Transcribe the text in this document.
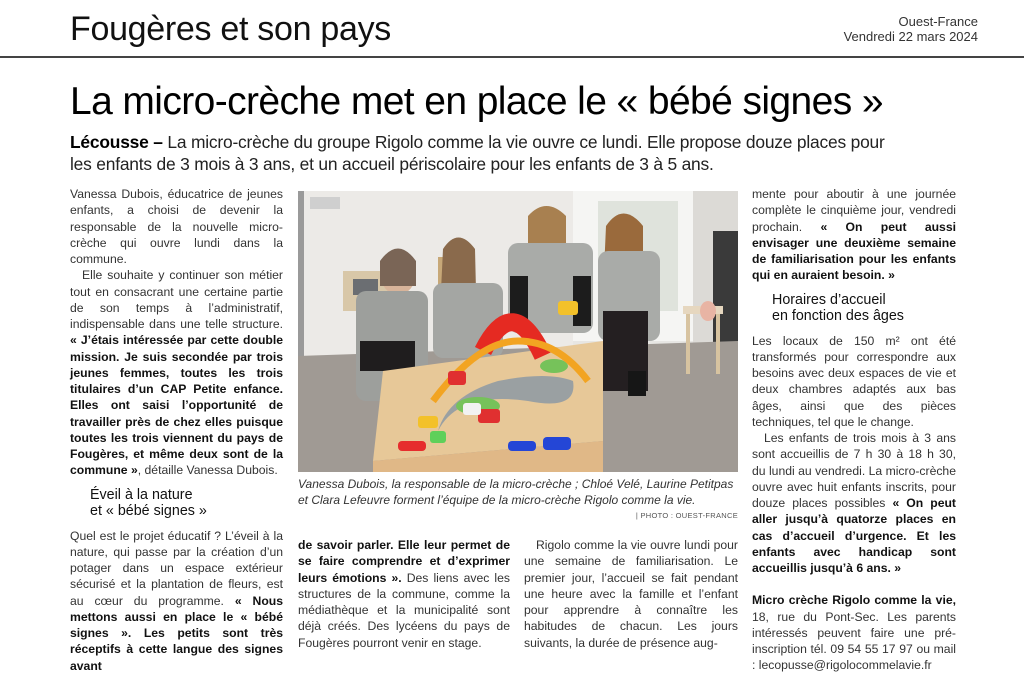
Fougères et son pays	Ouest-France
Vendredi 22 mars 2024
La micro-crèche met en place le « bébé signes »
Lécousse – La micro-crèche du groupe Rigolo comme la vie ouvre ce lundi. Elle propose douze places pour les enfants de 3 mois à 3 ans, et un accueil périscolaire pour les enfants de 3 à 5 ans.

Vanessa Dubois, éducatrice de jeunes enfants, a choisi de devenir la responsable de la nouvelle micro-crèche qui ouvre lundi dans la commune.

Elle souhaite y continuer son métier tout en consacrant une certaine partie de son temps à l’administratif, indispensable dans une telle structure. « J’étais intéressée par cette double mission. Je suis secondée par trois jeunes femmes, toutes les trois titulaires d’un CAP Petite enfance. Elles ont saisi l’opportunité de travailler près de chez elles puisque toutes les trois viennent du pays de Fougères, et même deux sont de la commune », détaille Vanessa Dubois.

Éveil à la nature
et « bébé signes »

Quel est le projet éducatif ? L’éveil à la nature, qui passe par la création d’un potager dans un espace extérieur sécurisé et la plantation de fleurs, est au cœur du programme. « Nous mettons aussi en place le « bébé signes ». Les petits sont très réceptifs à cette langue des signes avant

Vanessa Dubois, la responsable de la micro-crèche ; Chloé Velé, Laurine Petitpas et Clara Lefeuvre forment l’équipe de la micro-crèche Rigolo comme la vie.
| PHOTO : OUEST-FRANCE

de savoir parler. Elle leur permet de se faire comprendre et d’exprimer leurs émotions ». Des liens avec les structures de la commune, comme la médiathèque et la municipalité sont déjà créés. Des lycéens du pays de Fougères pourront venir en stage.

Rigolo comme la vie ouvre lundi pour une semaine de familiarisation. Le premier jour, l’accueil se fait pendant une heure avec la famille et l’enfant pour apprendre à connaître les habitudes de chacun. Les jours suivants, la durée de présence aug-

mente pour aboutir à une journée complète le cinquième jour, vendredi prochain. « On peut aussi envisager une deuxième semaine de familiarisation pour les enfants qui en auraient besoin. »

Horaires d’accueil
en fonction des âges

Les locaux de 150 m² ont été transformés pour correspondre aux besoins avec deux espaces de vie et deux chambres adaptés aux bas âges, ainsi que des pièces techniques, tel que le change.

Les enfants de trois mois à 3 ans sont accueillis de 7 h 30 à 18 h 30, du lundi au vendredi. La micro-crèche ouvre avec huit enfants inscrits, pour douze places possibles « On peut aller jusqu’à quatorze places en cas d’accueil d’urgence. Et les enfants avec handicap sont accueillis jusqu’à 6 ans. »

Micro crèche Rigolo comme la vie, 18, rue du Pont-Sec. Les parents intéressés peuvent faire une pré-inscription tél. 09 54 55 17 97 ou mail : lecopusse@rigolocommelavie.fr
